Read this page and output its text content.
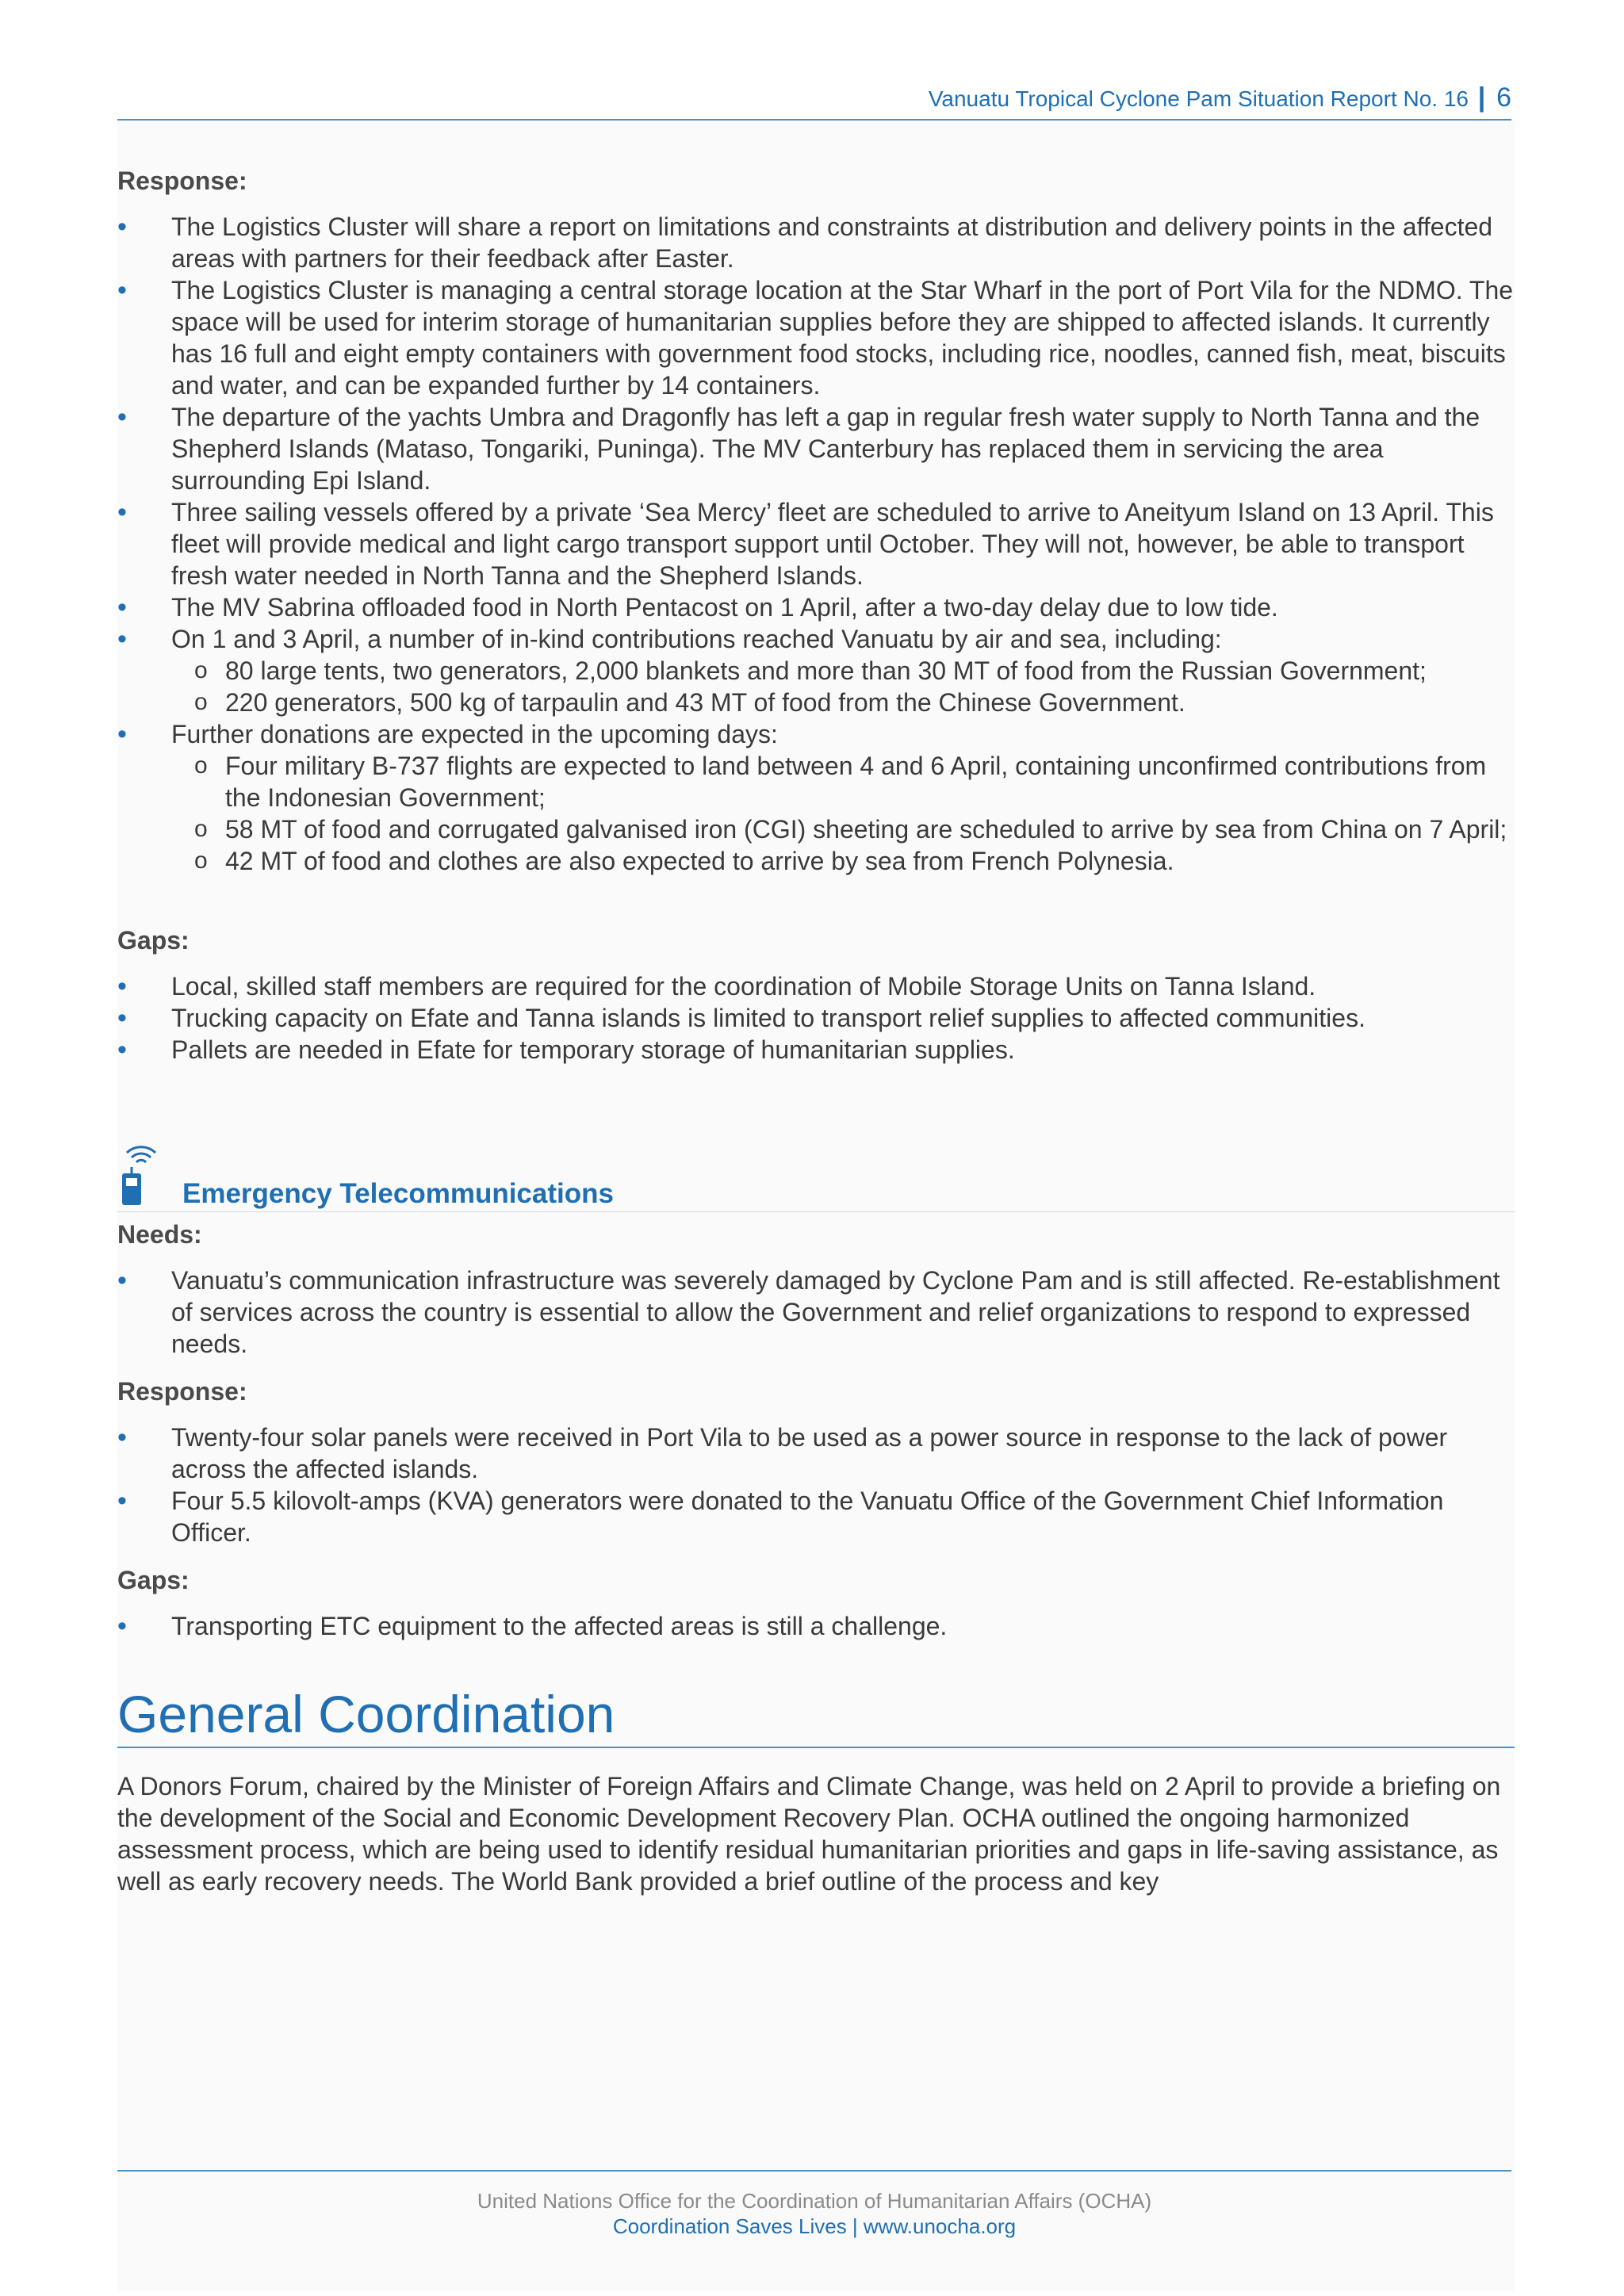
Vanuatu Tropical Cyclone Pam Situation Report No. 16 | 6

Response:

• The Logistics Cluster will share a report on limitations and constraints at distribution and delivery points in the affected areas with partners for their feedback after Easter.
• The Logistics Cluster is managing a central storage location at the Star Wharf in the port of Port Vila for the NDMO. The space will be used for interim storage of humanitarian supplies before they are shipped to affected islands. It currently has 16 full and eight empty containers with government food stocks, including rice, noodles, canned fish, meat, biscuits and water, and can be expanded further by 14 containers.
• The departure of the yachts Umbra and Dragonfly has left a gap in regular fresh water supply to North Tanna and the Shepherd Islands (Mataso, Tongariki, Puninga). The MV Canterbury has replaced them in servicing the area surrounding Epi Island.
• Three sailing vessels offered by a private ‘Sea Mercy’ fleet are scheduled to arrive to Aneityum Island on 13 April. This fleet will provide medical and light cargo transport support until October. They will not, however, be able to transport fresh water needed in North Tanna and the Shepherd Islands.
• The MV Sabrina offloaded food in North Pentacost on 1 April, after a two-day delay due to low tide.
• On 1 and 3 April, a number of in-kind contributions reached Vanuatu by air and sea, including:
o 80 large tents, two generators, 2,000 blankets and more than 30 MT of food from the Russian Government;
o 220 generators, 500 kg of tarpaulin and 43 MT of food from the Chinese Government.
• Further donations are expected in the upcoming days:
o Four military B-737 flights are expected to land between 4 and 6 April, containing unconfirmed contributions from the Indonesian Government;
o 58 MT of food and corrugated galvanised iron (CGI) sheeting are scheduled to arrive by sea from China on 7 April;
o 42 MT of food and clothes are also expected to arrive by sea from French Polynesia.

Gaps:

• Local, skilled staff members are required for the coordination of Mobile Storage Units on Tanna Island.
• Trucking capacity on Efate and Tanna islands is limited to transport relief supplies to affected communities.
• Pallets are needed in Efate for temporary storage of humanitarian supplies.
Emergency Telecommunications

Needs:

• Vanuatu’s communication infrastructure was severely damaged by Cyclone Pam and is still affected. Re-establishment of services across the country is essential to allow the Government and relief organizations to respond to expressed needs.

Response:

• Twenty-four solar panels were received in Port Vila to be used as a power source in response to the lack of power across the affected islands.
• Four 5.5 kilovolt-amps (KVA) generators were donated to the Vanuatu Office of the Government Chief Information Officer.

Gaps:

• Transporting ETC equipment to the affected areas is still a challenge.
General Coordination

A Donors Forum, chaired by the Minister of Foreign Affairs and Climate Change, was held on 2 April to provide a briefing on the development of the Social and Economic Development Recovery Plan. OCHA outlined the ongoing harmonized assessment process, which are being used to identify residual humanitarian priorities and gaps in life-saving assistance, as well as early recovery needs. The World Bank provided a brief outline of the process and key

United Nations Office for the Coordination of Humanitarian Affairs (OCHA)
Coordination Saves Lives | www.unocha.org
